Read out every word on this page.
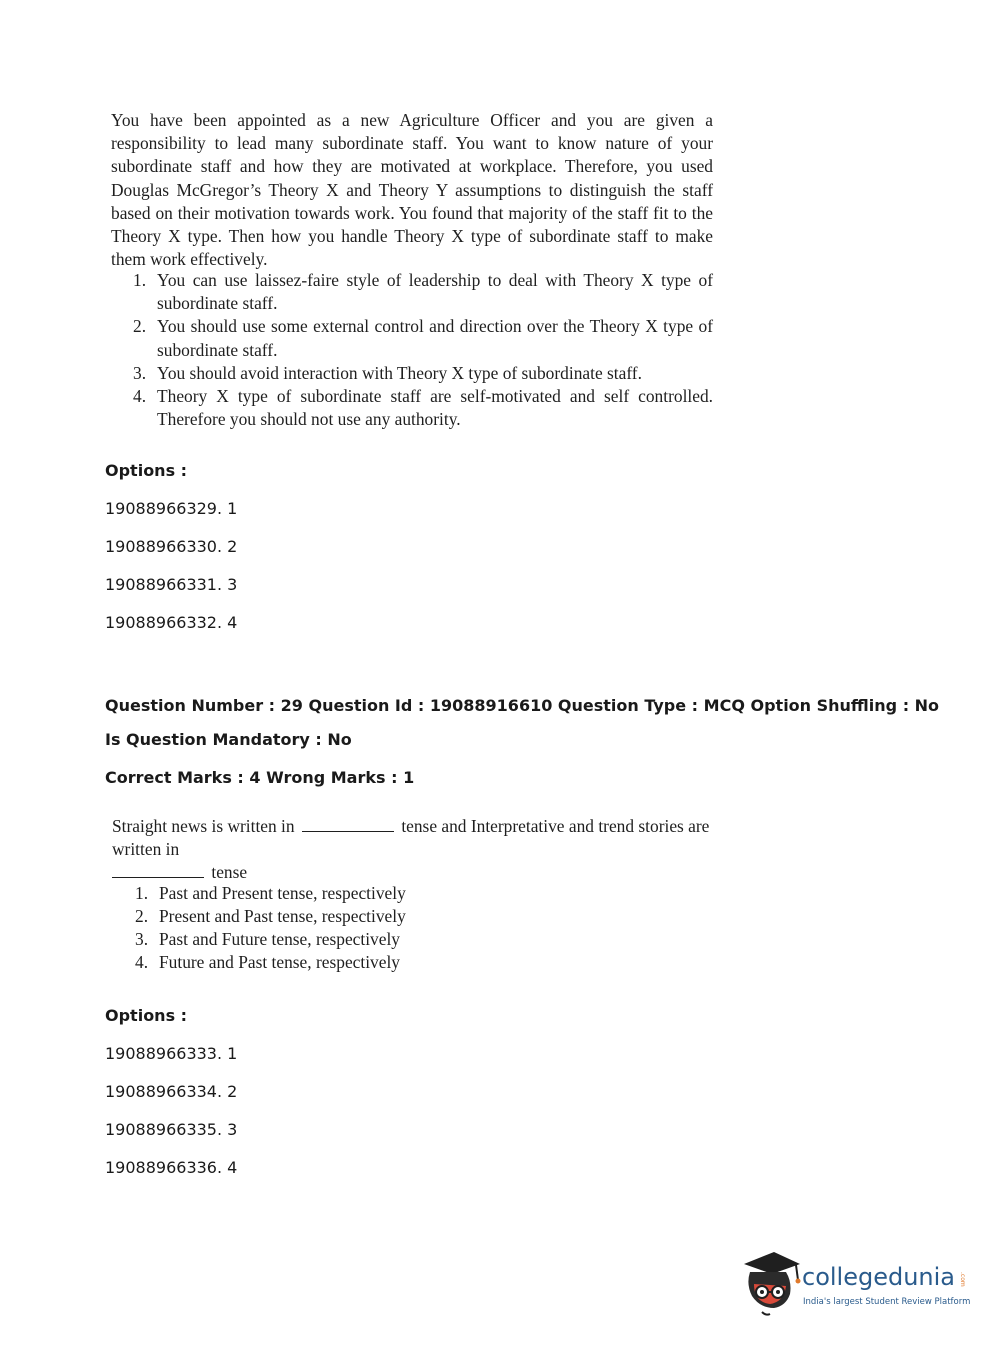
You have been appointed as a new Agriculture Officer and you are given a responsibility to lead many subordinate staff. You want to know nature of your subordinate staff and how they are motivated at workplace. Therefore, you used Douglas McGregor’s Theory X and Theory Y assumptions to distinguish the staff based on their motivation towards work. You found that majority of the staff fit to the Theory X type. Then how you handle Theory X type of subordinate staff to make them work effectively.
1. You can use laissez-faire style of leadership to deal with Theory X type of subordinate staff.
2. You should use some external control and direction over the Theory X type of subordinate staff.
3. You should avoid interaction with Theory X type of subordinate staff.
4. Theory X type of subordinate staff are self-motivated and self controlled. Therefore you should not use any authority.
Options :
19088966329. 1
19088966330. 2
19088966331. 3
19088966332. 4
Question Number : 29 Question Id : 19088916610 Question Type : MCQ Option Shuffling : No
Is Question Mandatory : No
Correct Marks : 4 Wrong Marks : 1
Straight news is written in	tense and Interpretative and trend stories are written in
tense
1. Past and Present tense, respectively
2. Present and Past tense, respectively
3. Past and Future tense, respectively
4. Future and Past tense, respectively
Options :
19088966333. 1
19088966334. 2
19088966335. 3
19088966336. 4
collegedunia .com
India's largest Student Review Platform
